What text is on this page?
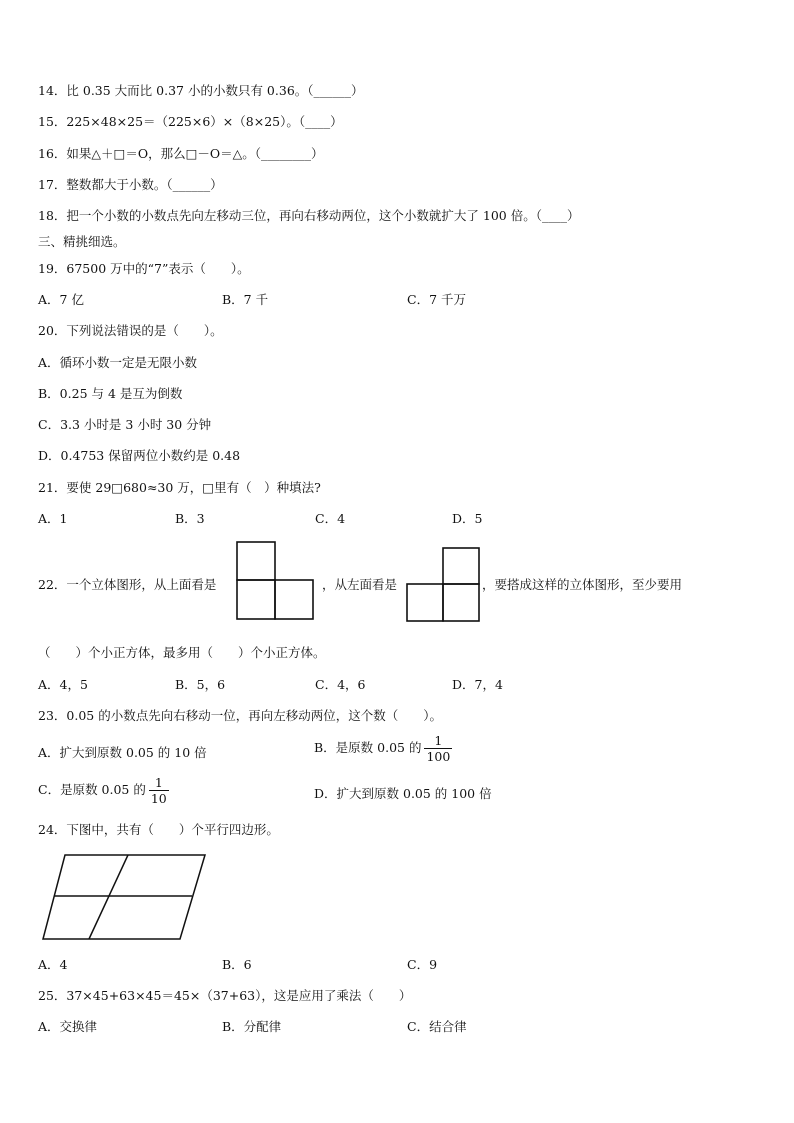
14．比 0.35 大而比 0.37 小的小数只有 0.36。（______）
15．225×48×25＝（225×6）×（8×25）。（____）
16．如果△＋□＝O，那么□－O＝△。（________）
17．整数都大于小数。（______）
18．把一个小数的小数点先向左移动三位，再向右移动两位，这个小数就扩大了 100 倍。（____）
三、精挑细选。
19．67500 万中的“7”表示（　　）。
A．7 亿	B．7 千	C．7 千万
20．下列说法错误的是（　　）。
A．循环小数一定是无限小数
B．0.25 与 4 是互为倒数
C．3.3 小时是 3 小时 30 分钟
D．0.4753 保留两位小数约是 0.48
21．要使 29□680≈30 万，□里有（　）种填法?
A．1	B．3	C．4	D．5
22．一个立体图形，从上面看是	，从左面看是	，要搭成这样的立体图形，至少要用
（　　）个小正方体，最多用（　　）个小正方体。
A．4，5	B．5，6	C．4，6	D．7，4
23．0.05 的小数点先向右移动一位，再向左移动两位，这个数（　　）。
A．扩大到原数 0.05 的 10 倍	B．是原数 0.05 的 $\frac{1}{100}$
C．是原数 0.05 的 $\frac{1}{10}$	D．扩大到原数 0.05 的 100 倍
24．下图中，共有（　　）个平行四边形。
A．4	B．6	C．9
25．37×45+63×45＝45×（37+63），这是应用了乘法（　　）
A．交换律	B．分配律	C．结合律
